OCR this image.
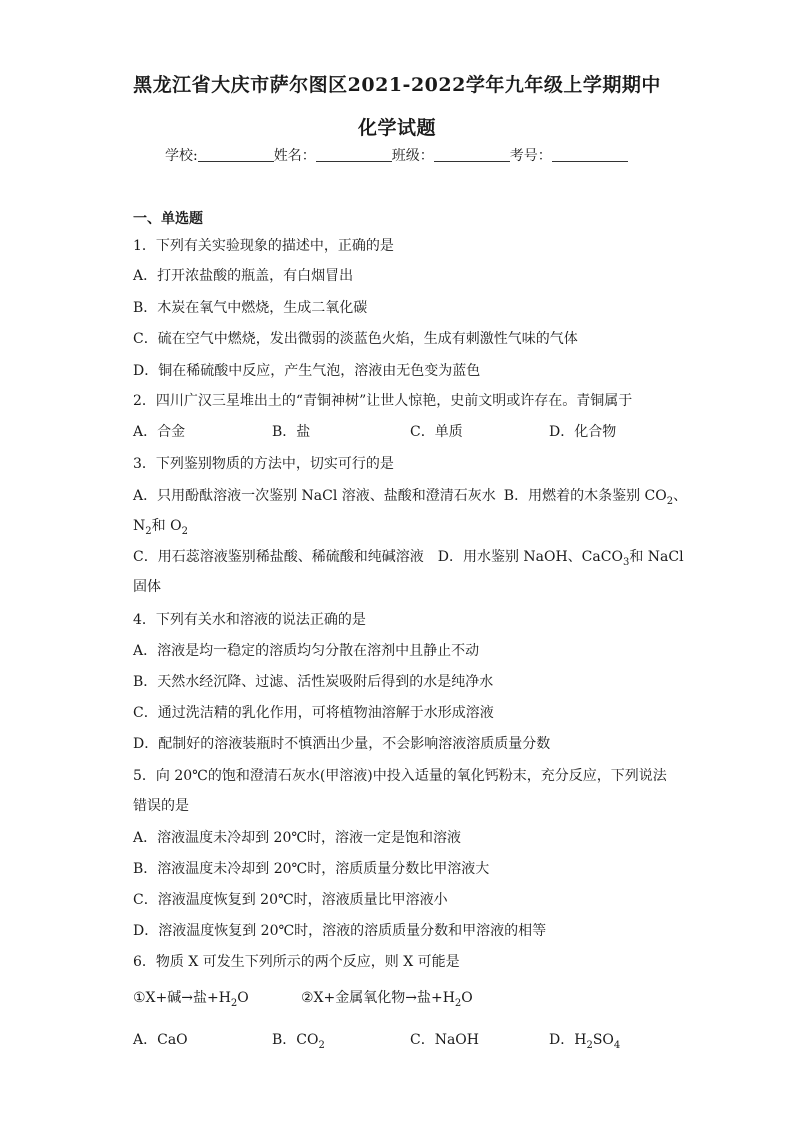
黑龙江省大庆市萨尔图区2021-2022学年九年级上学期期中
化学试题
学校:	姓名：	班级：	考号：
一、单选题
1．下列有关实验现象的描述中，正确的是
A．打开浓盐酸的瓶盖，有白烟冒出
B．木炭在氧气中燃烧，生成二氧化碳
C．硫在空气中燃烧，发出微弱的淡蓝色火焰，生成有刺激性气味的气体
D．铜在稀硫酸中反应，产生气泡，溶液由无色变为蓝色
2．四川广汉三星堆出土的“青铜神树”让世人惊艳，史前文明或许存在。青铜属于
A．合金	B．盐	C．单质	D．化合物
3．下列鉴别物质的方法中，切实可行的是
A．只用酚酞溶液一次鉴别 NaCl 溶液、盐酸和澄清石灰水 B．用燃着的木条鉴别 $CO_2$、
$N_2$和 $O_2$
C．用石蕊溶液鉴别稀盐酸、稀硫酸和纯碱溶液 D．用水鉴别 NaOH、CaCO$_3$和 NaCl
固体
4．下列有关水和溶液的说法正确的是
A．溶液是均一稳定的溶质均匀分散在溶剂中且静止不动
B．天然水经沉降、过滤、活性炭吸附后得到的水是纯净水
C．通过洗洁精的乳化作用，可将植物油溶解于水形成溶液
D．配制好的溶液装瓶时不慎洒出少量，不会影响溶液溶质质量分数
5．向 20℃的饱和澄清石灰水(甲溶液)中投入适量的氧化钙粉末，充分反应，下列说法
错误的是
A．溶液温度未冷却到 20℃时，溶液一定是饱和溶液
B．溶液温度未冷却到 20℃时，溶质质量分数比甲溶液大
C．溶液温度恢复到 20℃时，溶液质量比甲溶液小
D．溶液温度恢复到 20℃时，溶液的溶质质量分数和甲溶液的相等
6．物质 X 可发生下列所示的两个反应，则 X 可能是
①X+碱→盐$+H_2O$	②X+金属氧化物→盐$+H_2O$
A．CaO	B．$CO_2$	C．NaOH	D．$H_2SO_4$
